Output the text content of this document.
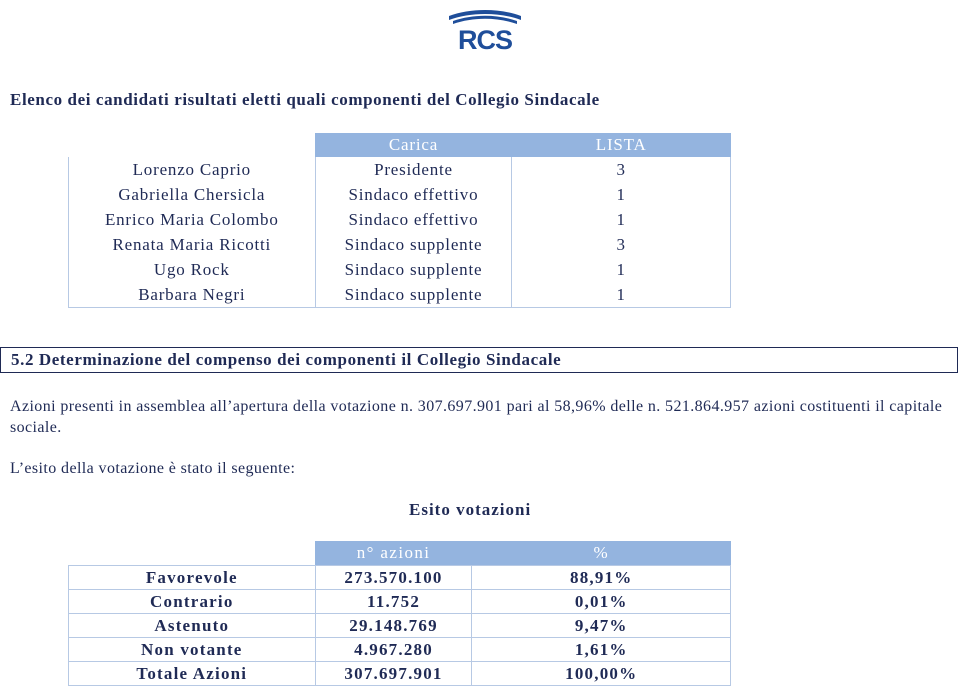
RCS
Elenco dei candidati risultati eletti quali componenti del Collegio Sindacale
	Carica	LISTA
Lorenzo Caprio	Presidente	3
Gabriella Chersicla	Sindaco effettivo	1
Enrico Maria Colombo	Sindaco effettivo	1
Renata Maria Ricotti	Sindaco supplente	3
Ugo Rock	Sindaco supplente	1
Barbara Negri	Sindaco supplente	1
5.2 Determinazione del compenso dei componenti il Collegio Sindacale

Azioni presenti in assemblea all’apertura della votazione n. 307.697.901 pari al 58,96% delle n. 521.864.957 azioni costituenti il capitale sociale.

L’esito della votazione è stato il seguente:

Esito votazioni
	n° azioni	%
Favorevole	273.570.100	88,91%
Contrario	11.752	0,01%
Astenuto	29.148.769	9,47%
Non votante	4.967.280	1,61%
Totale Azioni	307.697.901	100,00%
